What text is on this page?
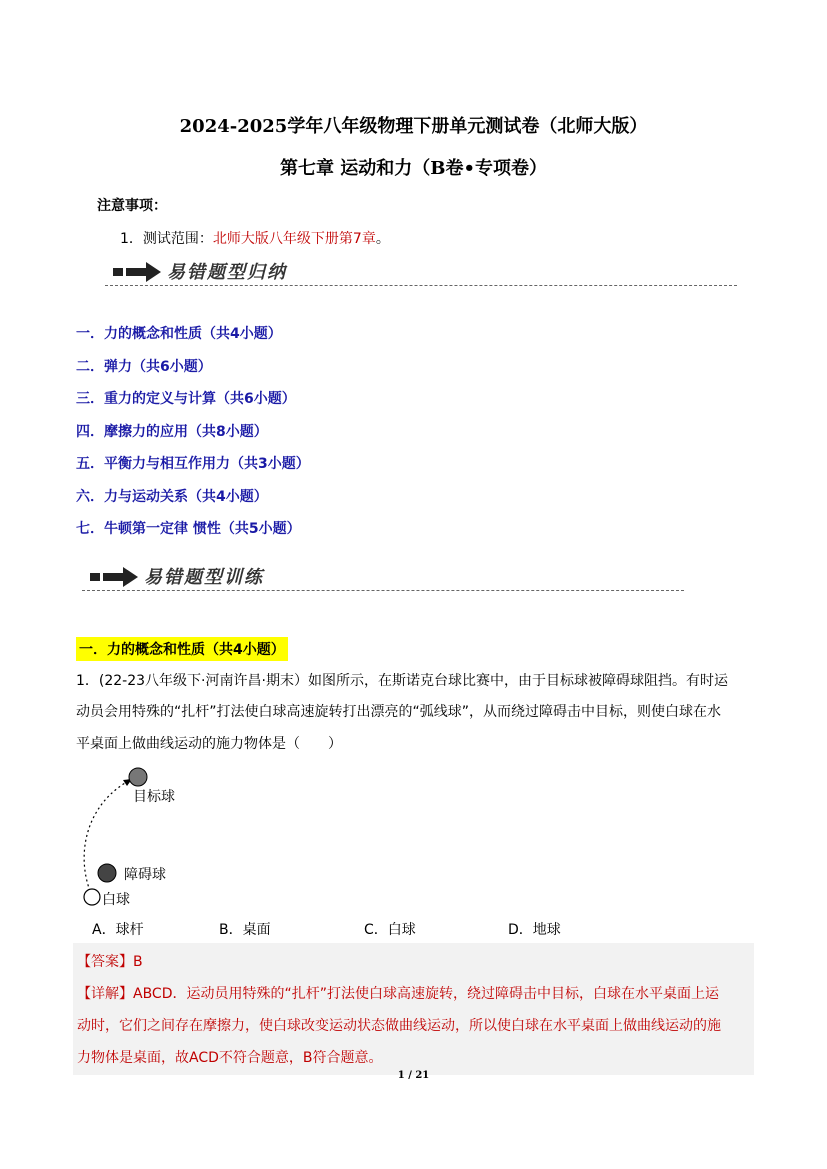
2024-2025学年八年级物理下册单元测试卷（北师大版）
第七章 运动和力（B卷•专项卷）
注意事项：
1．测试范围：北师大版八年级下册第7章。
易错题型归纳
一．力的概念和性质（共4小题）
二．弹力（共6小题）
三．重力的定义与计算（共6小题）
四．摩擦力的应用（共8小题）
五．平衡力与相互作用力（共3小题）
六．力与运动关系（共4小题）
七．牛顿第一定律 惯性（共5小题）
易错题型训练
一．力的概念和性质（共4小题）
1．(22-23八年级下·河南许昌·期末）如图所示，在斯诺克台球比赛中，由于目标球被障碍球阻挡。有时运
动员会用特殊的“扎杆”打法使白球高速旋转打出漂亮的“弧线球”，从而绕过障碍击中目标，则使白球在水
平桌面上做曲线运动的施力物体是（　　）
目标球
障碍球
白球
A．球杆	B．桌面	C．白球	D．地球
【答案】B
【详解】ABCD．运动员用特殊的“扎杆”打法使白球高速旋转，绕过障碍击中目标，白球在水平桌面上运
动时，它们之间存在摩擦力，使白球改变运动状态做曲线运动，所以使白球在水平桌面上做曲线运动的施
力物体是桌面，故ACD不符合题意，B符合题意。
1 / 21
